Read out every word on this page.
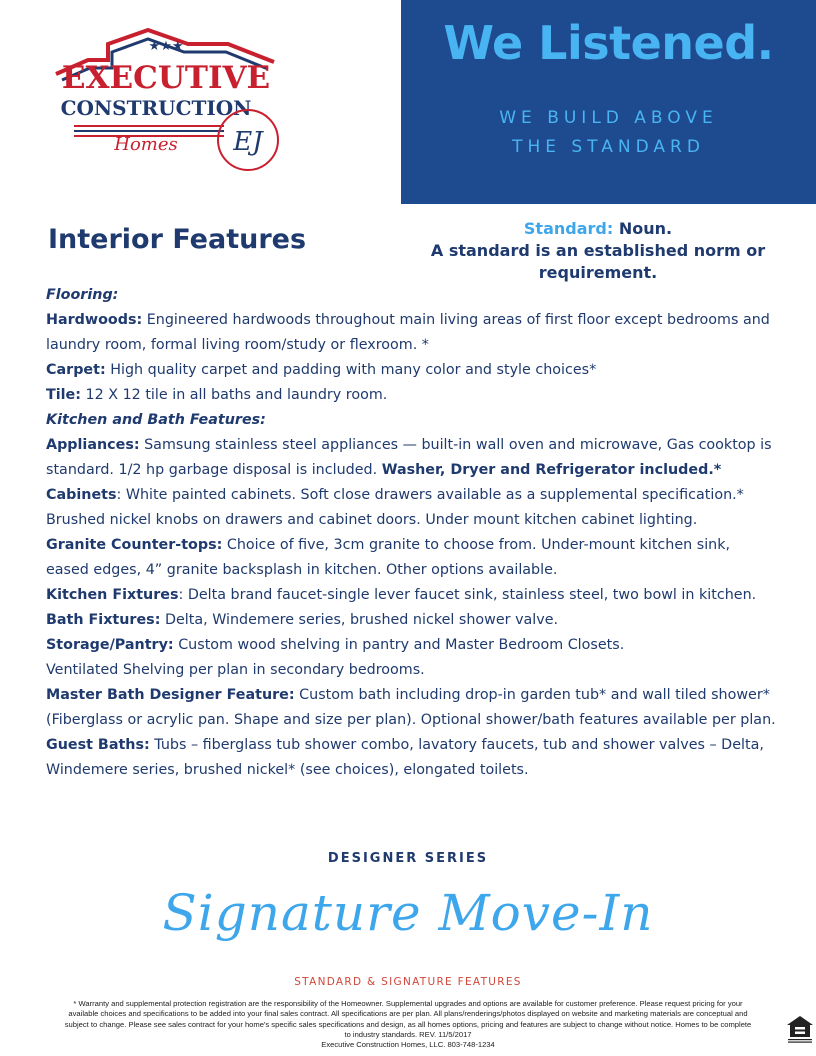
★★★
EXECUTIVE
CONSTRUCTION
Homes EJ
We Listened.
WE BUILD ABOVE
THE STANDARD
Interior Features	Standard: Noun.
A standard is an established norm or
requirement.

Flooring:

Hardwoods: Engineered hardwoods throughout main living areas of first floor except bedrooms and laundry room, formal living room/study or flexroom. *

Carpet: High quality carpet and padding with many color and style choices*

Tile: 12 X 12 tile in all baths and laundry room.

Kitchen and Bath Features:

Appliances: Samsung stainless steel appliances — built-in wall oven and microwave, Gas cooktop is standard. 1/2 hp garbage disposal is included. Washer, Dryer and Refrigerator included.*

Cabinets: White painted cabinets. Soft close drawers available as a supplemental specification.* Brushed nickel knobs on drawers and cabinet doors. Under mount kitchen cabinet lighting.

Granite Counter-tops: Choice of five, 3cm granite to choose from. Under-mount kitchen sink, eased edges, 4” granite backsplash in kitchen. Other options available.

Kitchen Fixtures: Delta brand faucet-single lever faucet sink, stainless steel, two bowl in kitchen.

Bath Fixtures: Delta, Windemere series, brushed nickel shower valve.

Storage/Pantry: Custom wood shelving in pantry and Master Bedroom Closets.

Ventilated Shelving per plan in secondary bedrooms.

Master Bath Designer Feature: Custom bath including drop-in garden tub* and wall tiled shower* (Fiberglass or acrylic pan. Shape and size per plan). Optional shower/bath features available per plan.

Guest Baths: Tubs – fiberglass tub shower combo, lavatory faucets, tub and shower valves – Delta, Windemere series, brushed nickel* (see choices), elongated toilets.

DESIGNER SERIES
Signature Move-In
STANDARD & SIGNATURE FEATURES
* Warranty and supplemental protection registration are the responsibility of the Homeowner. Supplemental upgrades and options are available for customer preference. Please request pricing for your
available choices and specifications to be added into your final sales contract. All specifications are per plan. All plans/renderings/photos displayed on website and marketing materials are conceptual and
subject to change. Please see sales contract for your home's specific sales specifications and design, as all homes options, pricing and features are subject to change without notice. Homes to be complete
to industry standards. REV. 11/5/2017
Executive Construction Homes, LLC. 803-748-1234
